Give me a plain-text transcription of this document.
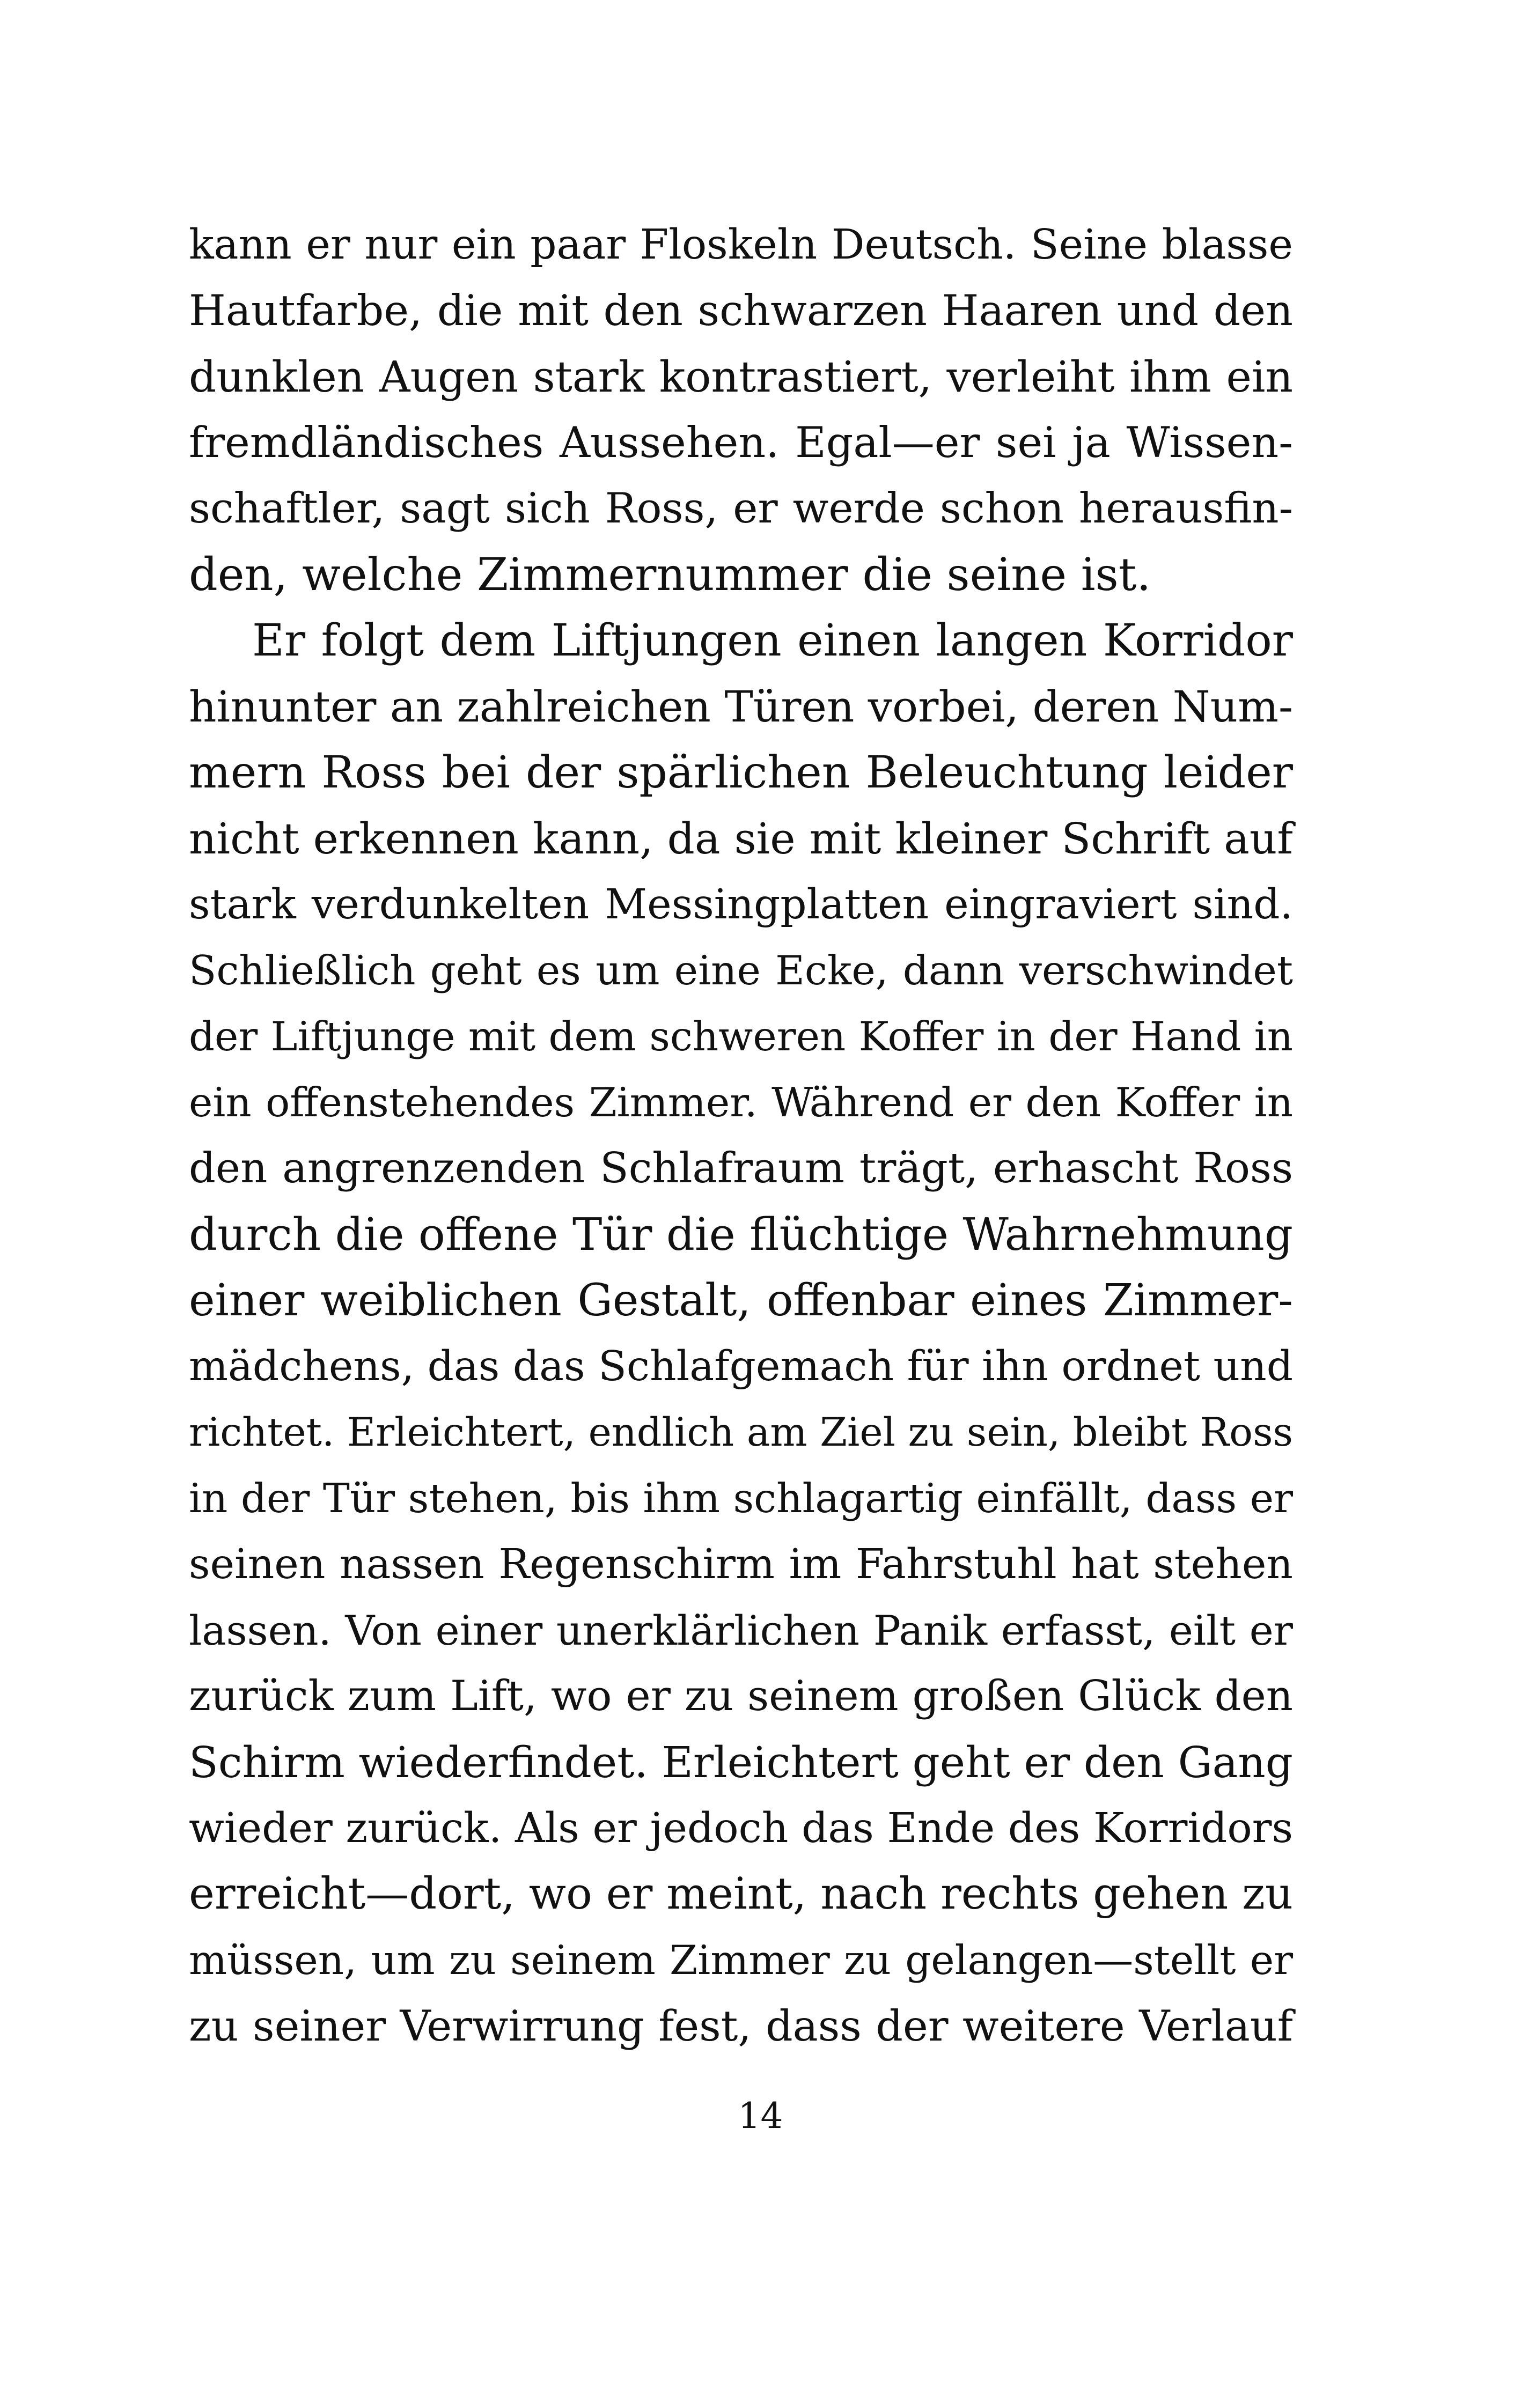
kann er nur ein paar Floskeln Deutsch. Seine blasse
Hautfarbe, die mit den schwarzen Haaren und den
dunklen Augen stark kontrastiert, verleiht ihm ein
fremdländisches Aussehen. Egal—er sei ja Wissen-
schaftler, sagt sich Ross, er werde schon herausfin-
den, welche Zimmernummer die seine ist.
Er folgt dem Liftjungen einen langen Korridor
hinunter an zahlreichen Türen vorbei, deren Num-
mern Ross bei der spärlichen Beleuchtung leider
nicht erkennen kann, da sie mit kleiner Schrift auf
stark verdunkelten Messingplatten eingraviert sind.
Schließlich geht es um eine Ecke, dann verschwindet
der Liftjunge mit dem schweren Koffer in der Hand in
ein offenstehendes Zimmer. Während er den Koffer in
den angrenzenden Schlafraum trägt, erhascht Ross
durch die offene Tür die flüchtige Wahrnehmung
einer weiblichen Gestalt, offenbar eines Zimmer-
mädchens, das das Schlafgemach für ihn ordnet und
richtet. Erleichtert, endlich am Ziel zu sein, bleibt Ross
in der Tür stehen, bis ihm schlagartig einfällt, dass er
seinen nassen Regenschirm im Fahrstuhl hat stehen
lassen. Von einer unerklärlichen Panik erfasst, eilt er
zurück zum Lift, wo er zu seinem großen Glück den
Schirm wiederfindet. Erleichtert geht er den Gang
wieder zurück. Als er jedoch das Ende des Korridors
erreicht—dort, wo er meint, nach rechts gehen zu
müssen, um zu seinem Zimmer zu gelangen—stellt er
zu seiner Verwirrung fest, dass der weitere Verlauf
14
